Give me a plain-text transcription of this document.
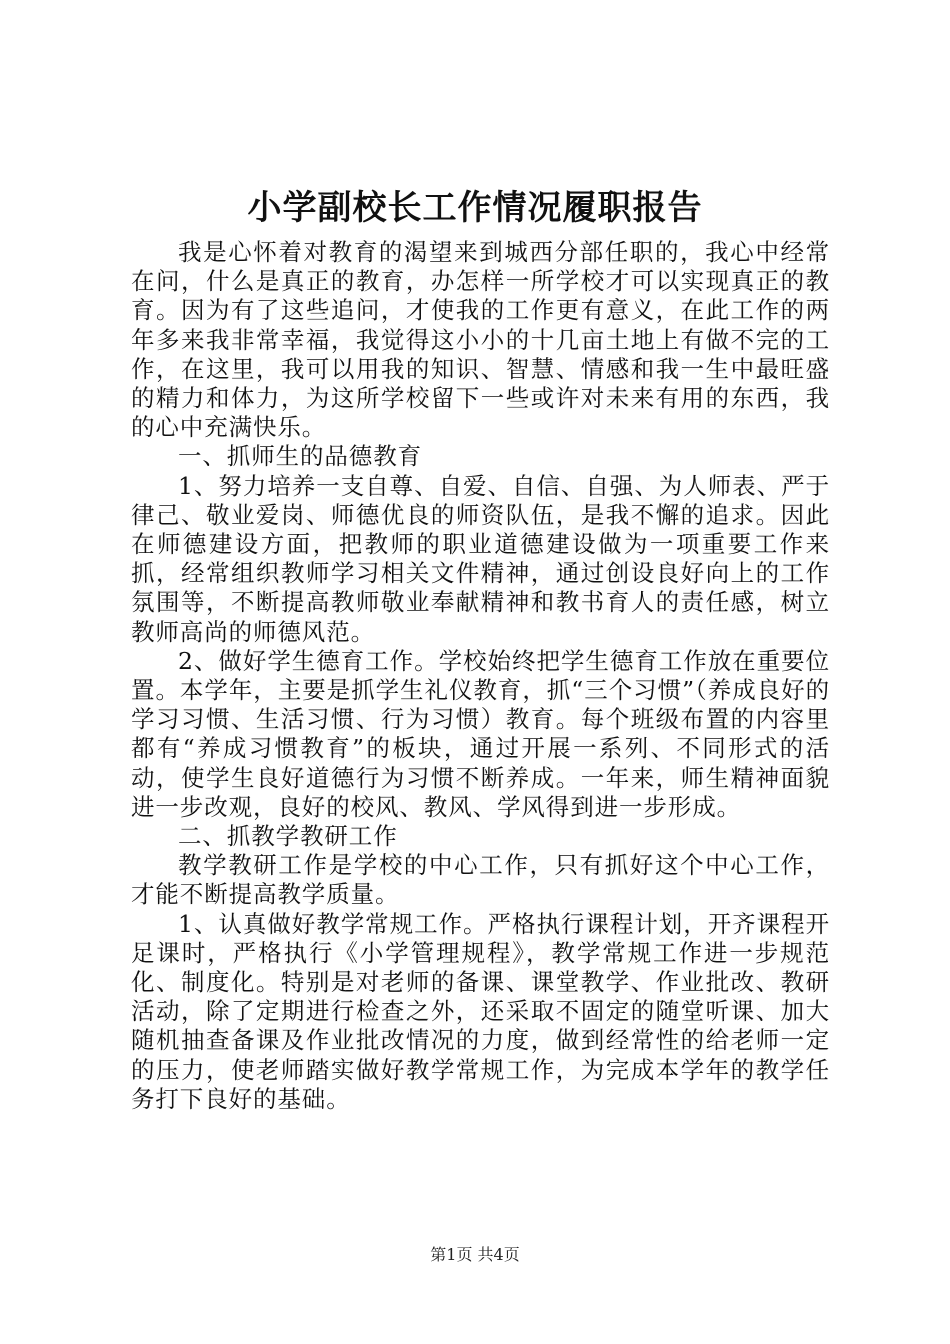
小学副校长工作情况履职报告

我是心怀着对教育的渴望来到城西分部任职的，我心中经常在问，什么是真正的教育，办怎样一所学校才可以实现真正的教育。因为有了这些追问，才使我的工作更有意义，在此工作的两年多来我非常幸福，我觉得这小小的十几亩土地上有做不完的工作，在这里，我可以用我的知识、智慧、情感和我一生中最旺盛的精力和体力，为这所学校留下一些或许对未来有用的东西，我的心中充满快乐。

一、抓师生的品德教育

1、努力培养一支自尊、自爱、自信、自强、为人师表、严于律己、敬业爱岗、师德优良的师资队伍，是我不懈的追求。因此在师德建设方面，把教师的职业道德建设做为一项重要工作来抓，经常组织教师学习相关文件精神，通过创设良好向上的工作氛围等，不断提高教师敬业奉献精神和教书育人的责任感，树立教师高尚的师德风范。

2、做好学生德育工作。学校始终把学生德育工作放在重要位置。本学年，主要是抓学生礼仪教育，抓“三个习惯”（养成良好的学习习惯、生活习惯、行为习惯）教育。每个班级布置的内容里都有“养成习惯教育”的板块，通过开展一系列、不同形式的活动，使学生良好道德行为习惯不断养成。一年来，师生精神面貌进一步改观，良好的校风、教风、学风得到进一步形成。

二、抓教学教研工作

教学教研工作是学校的中心工作，只有抓好这个中心工作，才能不断提高教学质量。

1、认真做好教学常规工作。严格执行课程计划，开齐课程开足课时，严格执行《小学管理规程》，教学常规工作进一步规范化、制度化。特别是对老师的备课、课堂教学、作业批改、教研活动，除了定期进行检查之外，还采取不固定的随堂听课、加大随机抽查备课及作业批改情况的力度，做到经常性的给老师一定的压力，使老师踏实做好教学常规工作，为完成本学年的教学任务打下良好的基础。

第1页 共4页
